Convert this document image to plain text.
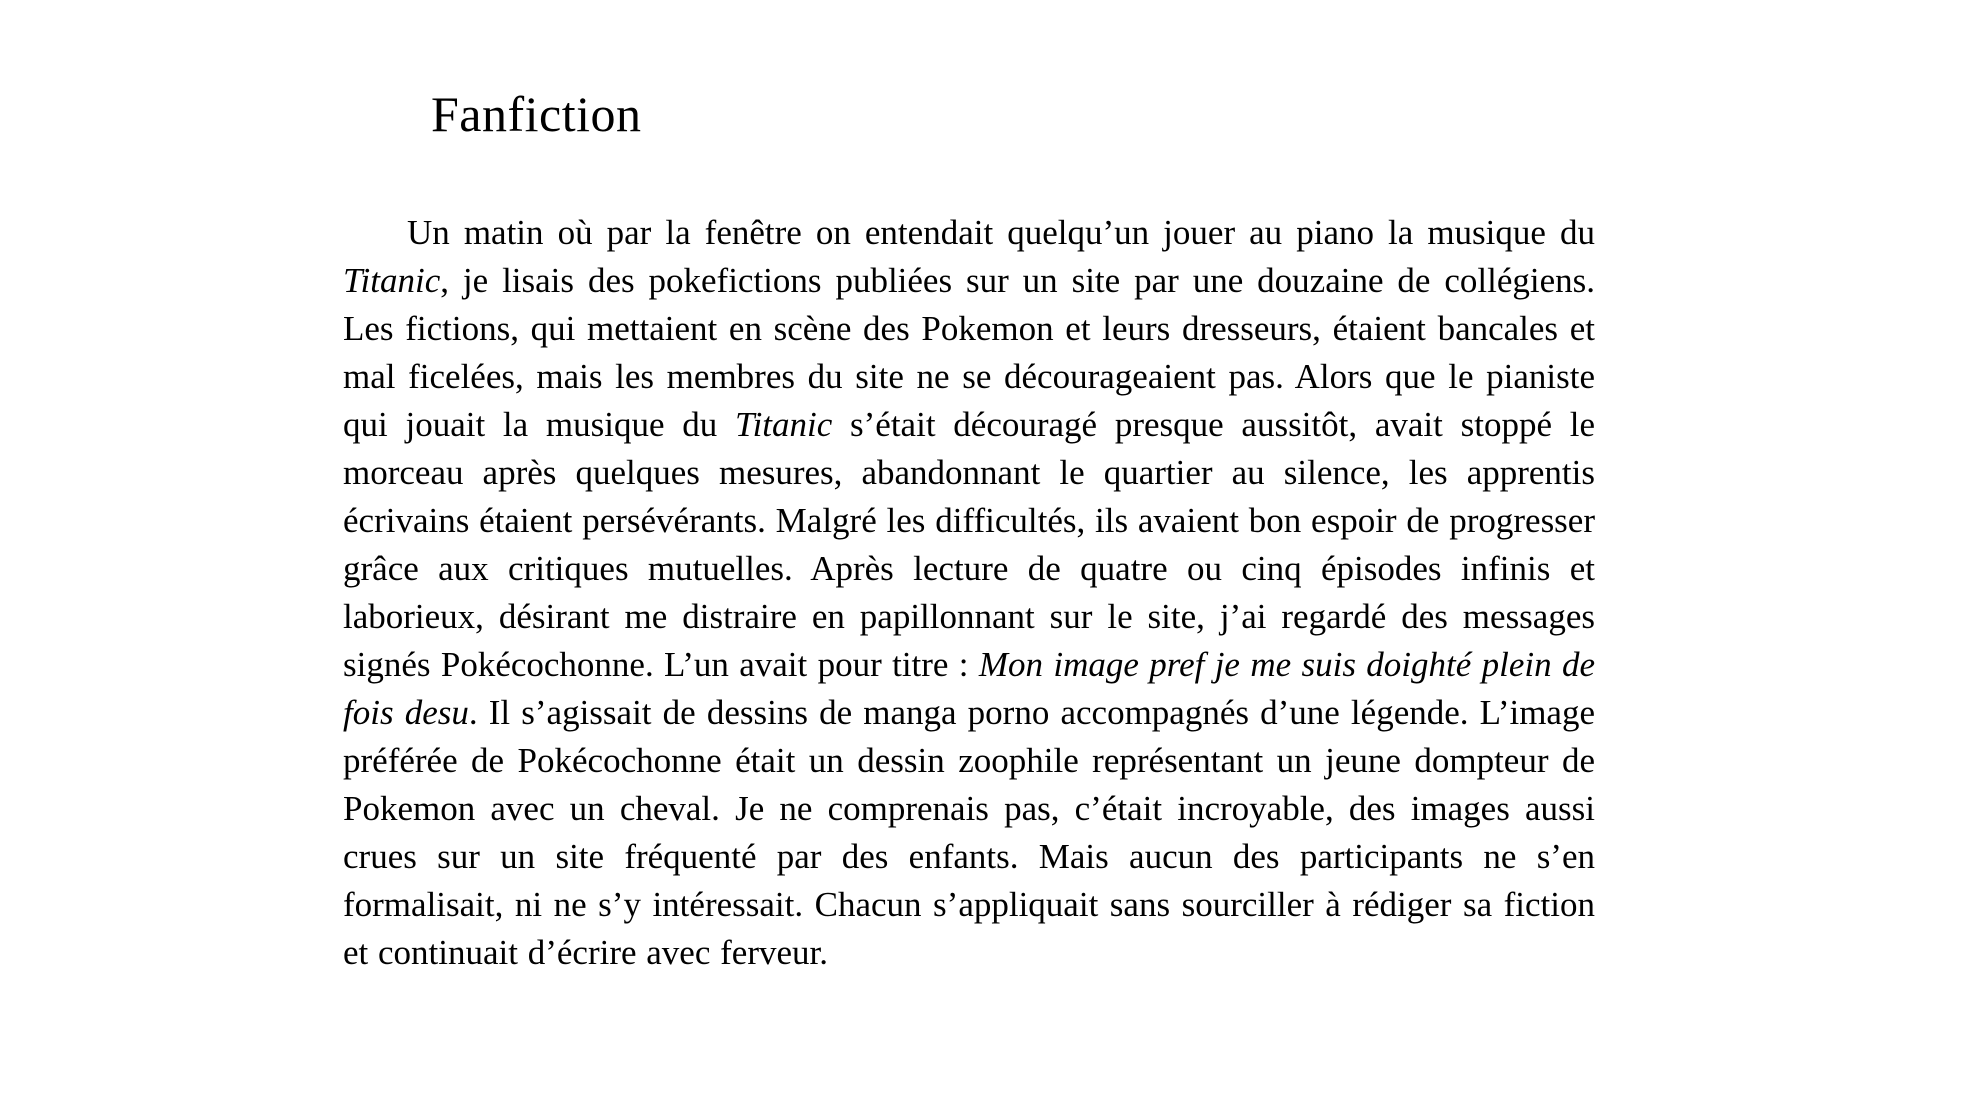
Fanfiction

Un matin où par la fenêtre on entendait quelqu’un jouer au piano la musique du Titanic, je lisais des pokefictions publiées sur un site par une douzaine de collégiens. Les fictions, qui mettaient en scène des Pokemon et leurs dresseurs, étaient bancales et mal ficelées, mais les membres du site ne se décourageaient pas. Alors que le pianiste qui jouait la musique du Titanic s’était découragé presque aussitôt, avait stoppé le morceau après quelques mesures, abandonnant le quartier au silence, les apprentis écrivains étaient persévérants. Malgré les difficultés, ils avaient bon espoir de progresser grâce aux critiques mutuelles. Après lecture de quatre ou cinq épisodes infinis et laborieux, désirant me distraire en papillonnant sur le site, j’ai regardé des messages signés Pokécochonne. L’un avait pour titre : Mon image pref je me suis doighté plein de fois desu. Il s’agissait de dessins de manga porno accompagnés d’une légende. L’image préférée de Pokécochonne était un dessin zoophile représentant un jeune dompteur de Pokemon avec un cheval. Je ne comprenais pas, c’était incroyable, des images aussi crues sur un site fréquenté par des enfants. Mais aucun des participants ne s’en formalisait, ni ne s’y intéressait. Chacun s’appliquait sans sourciller à rédiger sa fiction et continuait d’écrire avec ferveur.
